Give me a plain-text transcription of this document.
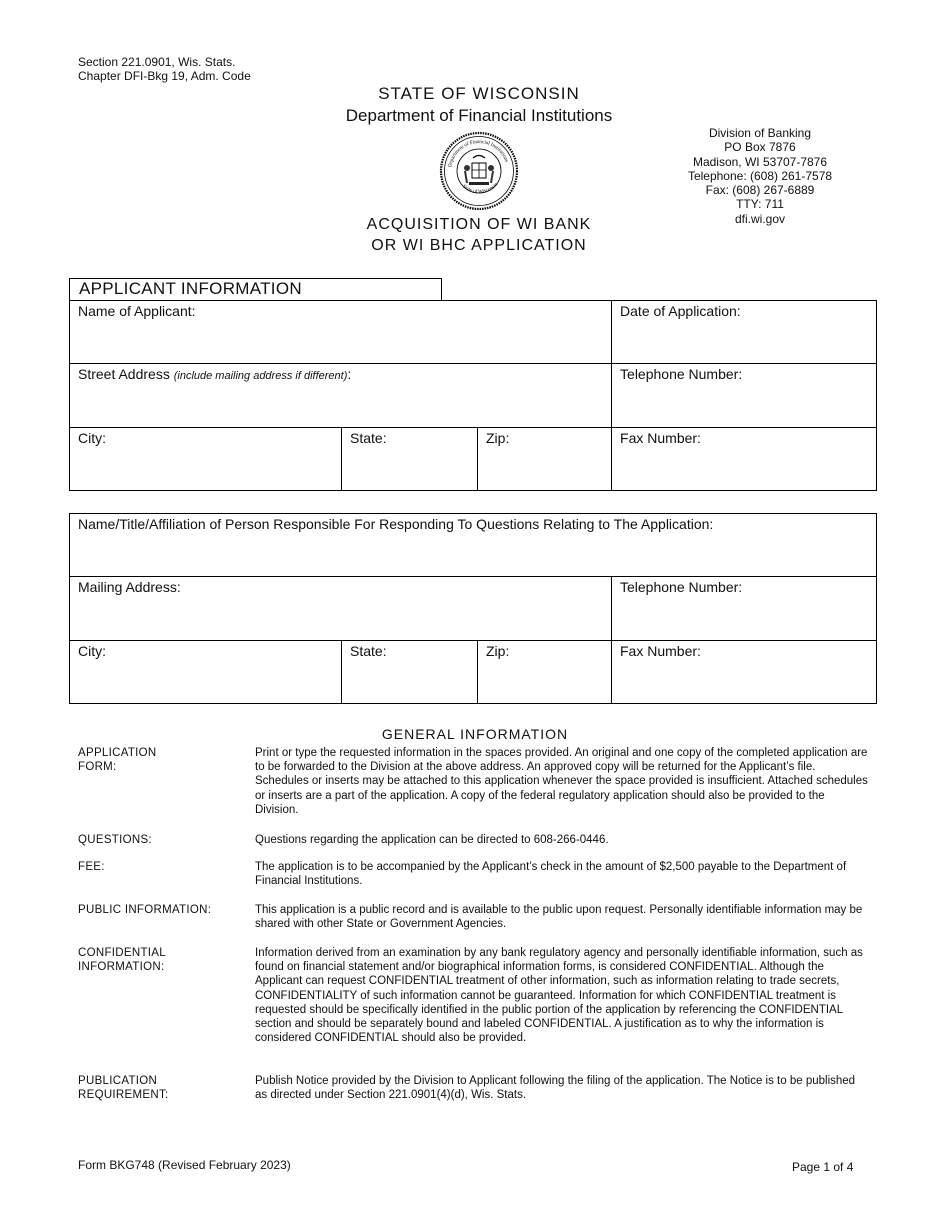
Section 221.0901, Wis. Stats.
Chapter DFI-Bkg 19, Adm. Code
STATE OF WISCONSIN
Department of Financial Institutions
Department of Financial Institutions
State of Wisconsin
Division of Banking
PO Box 7876
Madison, WI 53707-7876
Telephone: (608) 261-7578
Fax: (608) 267-6889
TTY: 711
dfi.wi.gov
ACQUISITION OF WI BANK
OR WI BHC APPLICATION
APPLICANT INFORMATION
Name of Applicant:			Date of Application:
Street Address (include mailing address if different):			Telephone Number:
City:	State:	Zip:	Fax Number:
Name/Title/Affiliation of Person Responsible For Responding To Questions Relating to The Application:			
Mailing Address:			Telephone Number:
City:	State:	Zip:	Fax Number:
GENERAL INFORMATION
APPLICATION
FORM:
Print or type the requested information in the spaces provided. An original and one copy of the completed application are to be forwarded to the Division at the above address. An approved copy will be returned for the Applicant’s file. Schedules or inserts may be attached to this application whenever the space provided is insufficient. Attached schedules or inserts are a part of the application. A copy of the federal regulatory application should also be provided to the Division.
QUESTIONS:	Questions regarding the application can be directed to 608-266-0446.
FEE:	The application is to be accompanied by the Applicant’s check in the amount of $2,500 payable to the Department of Financial Institutions.
PUBLIC INFORMATION:	This application is a public record and is available to the public upon request. Personally identifiable information may be shared with other State or Government Agencies.
CONFIDENTIAL
INFORMATION:
Information derived from an examination by any bank regulatory agency and personally identifiable information, such as found on financial statement and/or biographical information forms, is considered CONFIDENTIAL. Although the Applicant can request CONFIDENTIAL treatment of other information, such as information relating to trade secrets, CONFIDENTIALITY of such information cannot be guaranteed. Information for which CONFIDENTIAL treatment is requested should be specifically identified in the public portion of the application by referencing the CONFIDENTIAL section and should be separately bound and labeled CONFIDENTIAL. A justification as to why the information is considered CONFIDENTIAL should also be provided.
PUBLICATION
REQUIREMENT:
Publish Notice provided by the Division to Applicant following the filing of the application. The Notice is to be published as directed under Section 221.0901(4)(d), Wis. Stats.
Form BKG748 (Revised February 2023)	Page 1 of 4
